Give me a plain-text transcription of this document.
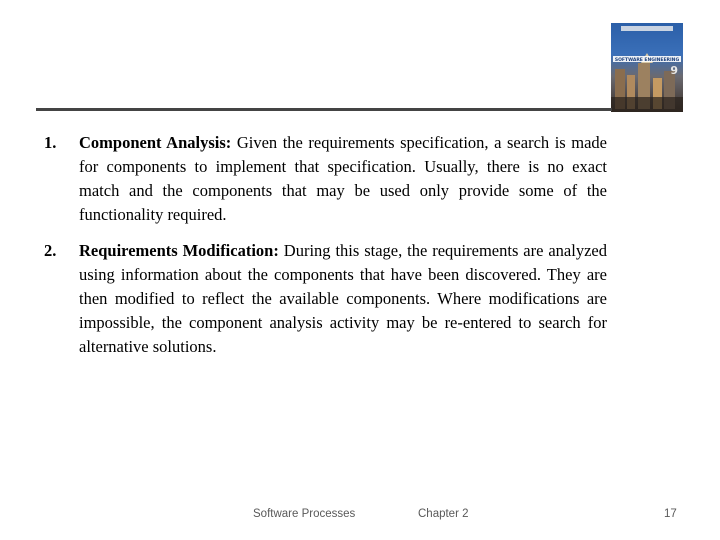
SOFTWARE ENGINEERING
9
1.	Component Analysis: Given the requirements specification, a search is made for components to implement that specification. Usually, there is no exact match and the components that may be used only provide some of the functionality required.
2.	Requirements Modification: During this stage, the requirements are analyzed using information about the components that have been discovered. They are then modified to reflect the available components. Where modifications are impossible, the component analysis activity may be re-entered to search for alternative solutions.
Software Processes	Chapter 2	17
